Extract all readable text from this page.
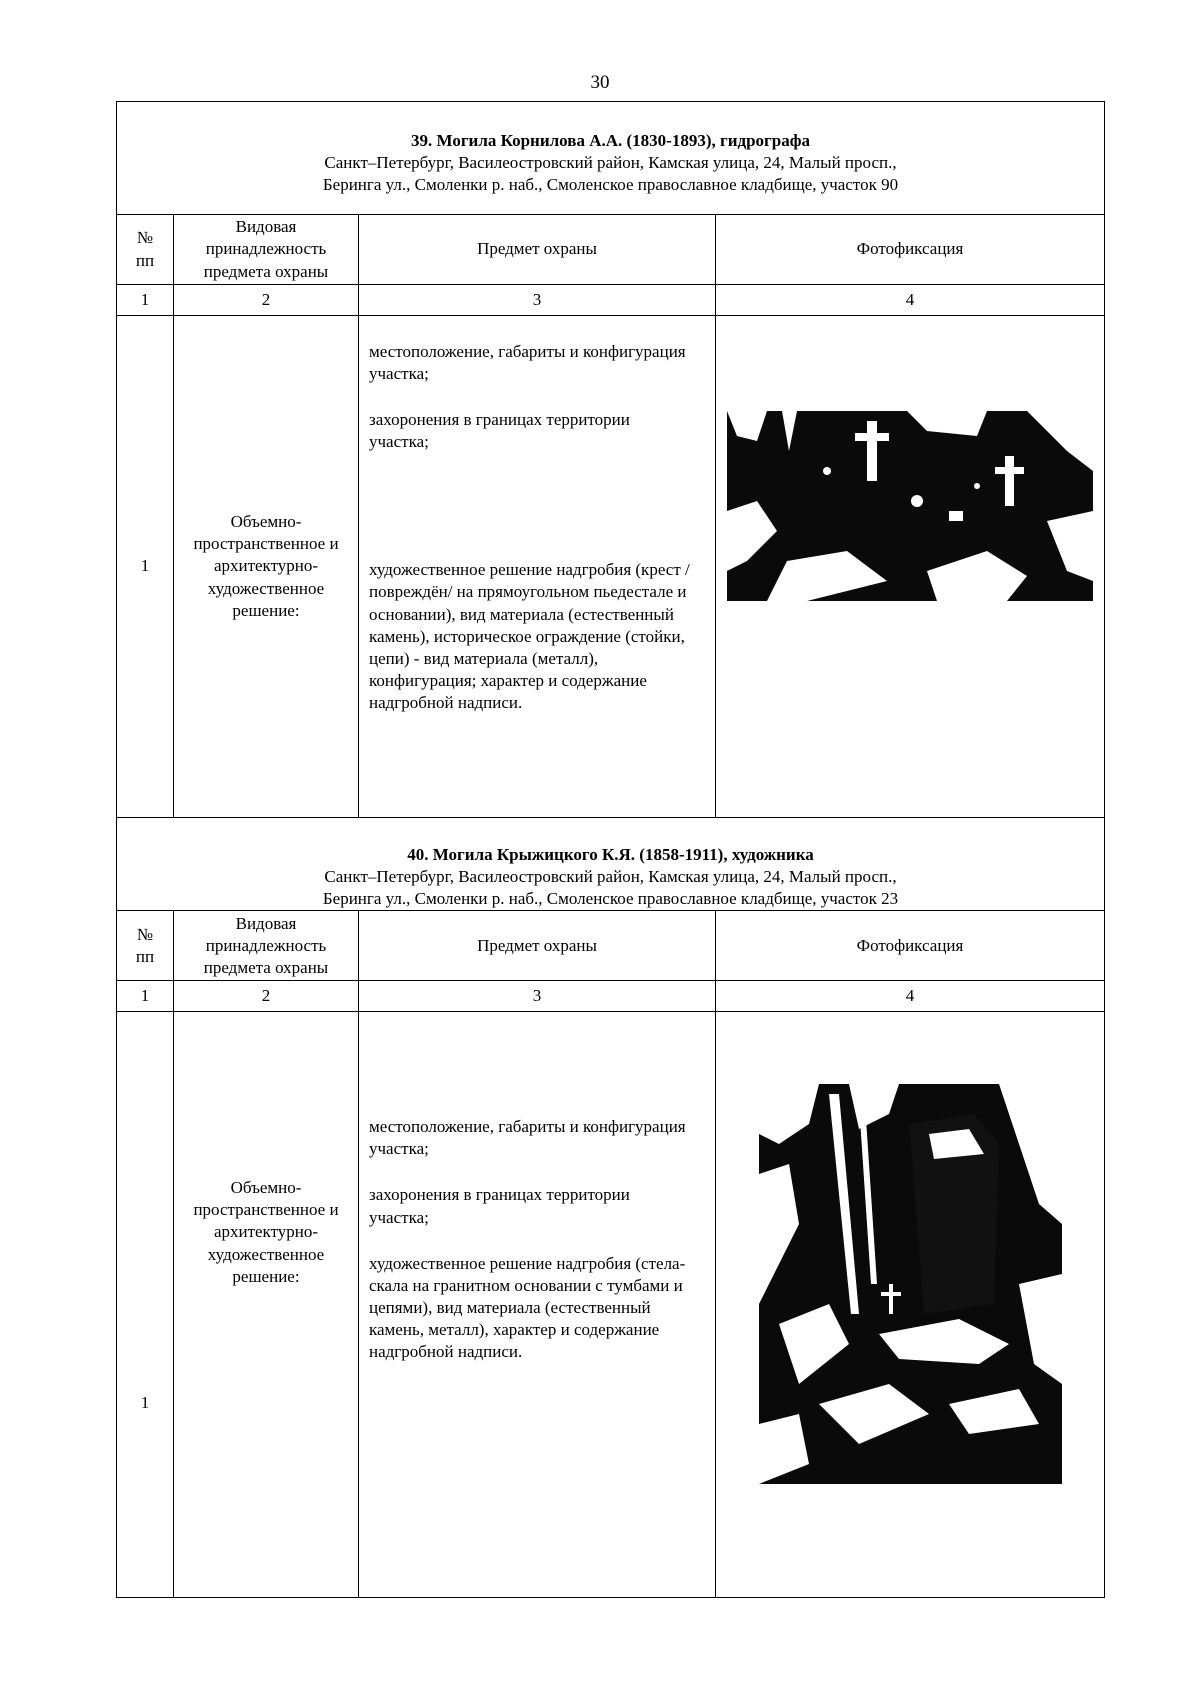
30
39. Могила Корнилова А.А. (1830-1893), гидрографа
Санкт–Петербург, Василеостровский район, Камская улица, 24, Малый просп.,
Беринга ул., Смоленки р. наб., Смоленское православное кладбище, участок 90			

№
пп	Видовая принадлежность предмета охраны	Предмет охраны	Фотофиксация
1	2	3	4
1	Объемно-пространственное и архитектурно-художественное решение:	местоположение, габариты и конфигурация участка;
захоронения в границах территории участка;
художественное решение надгробия (крест /повреждён/ на прямоугольном пьедестале и основании), вид материала (естественный камень), историческое ограждение (стойки, цепи) - вид материала (металл), конфигурация; характер и содержание надгробной надписи.

40. Могила Крыжицкого К.Я. (1858-1911), художника
Санкт–Петербург, Василеостровский район, Камская улица, 24, Малый просп.,
Беринга ул., Смоленки р. наб., Смоленское православное кладбище, участок 23			

№
пп	Видовая принадлежность предмета охраны	Предмет охраны	Фотофиксация
1	2	3	4
1	Объемно-пространственное и архитектурно-художественное решение:	местоположение, габариты и конфигурация участка;
захоронения в границах территории участка;
художественное решение надгробия (стела-скала на гранитном основании с тумбами и цепями), вид материала (естественный камень, металл), характер и содержание надгробной надписи.
